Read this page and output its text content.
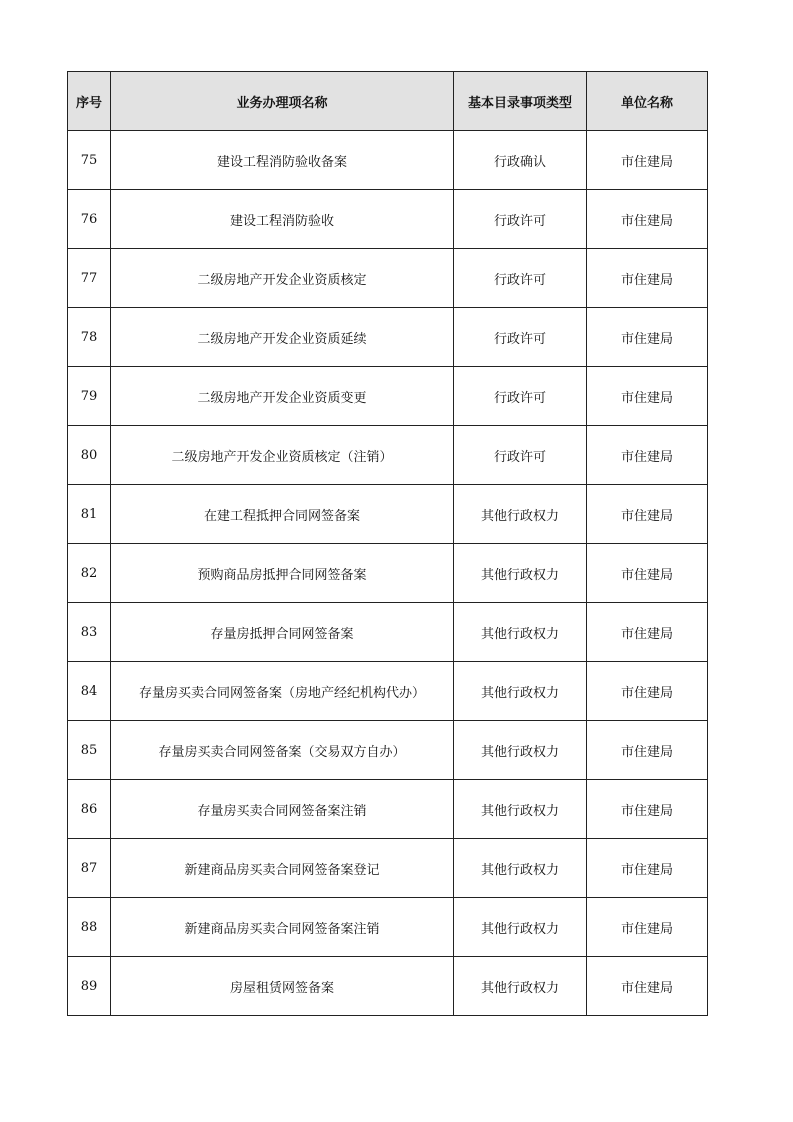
序号	业务办理项名称	基本目录事项类型	单位名称
75	建设工程消防验收备案	行政确认	市住建局
76	建设工程消防验收	行政许可	市住建局
77	二级房地产开发企业资质核定	行政许可	市住建局
78	二级房地产开发企业资质延续	行政许可	市住建局
79	二级房地产开发企业资质变更	行政许可	市住建局
80	二级房地产开发企业资质核定（注销）	行政许可	市住建局
81	在建工程抵押合同网签备案	其他行政权力	市住建局
82	预购商品房抵押合同网签备案	其他行政权力	市住建局
83	存量房抵押合同网签备案	其他行政权力	市住建局
84	存量房买卖合同网签备案（房地产经纪机构代办）	其他行政权力	市住建局
85	存量房买卖合同网签备案（交易双方自办）	其他行政权力	市住建局
86	存量房买卖合同网签备案注销	其他行政权力	市住建局
87	新建商品房买卖合同网签备案登记	其他行政权力	市住建局
88	新建商品房买卖合同网签备案注销	其他行政权力	市住建局
89	房屋租赁网签备案	其他行政权力	市住建局
